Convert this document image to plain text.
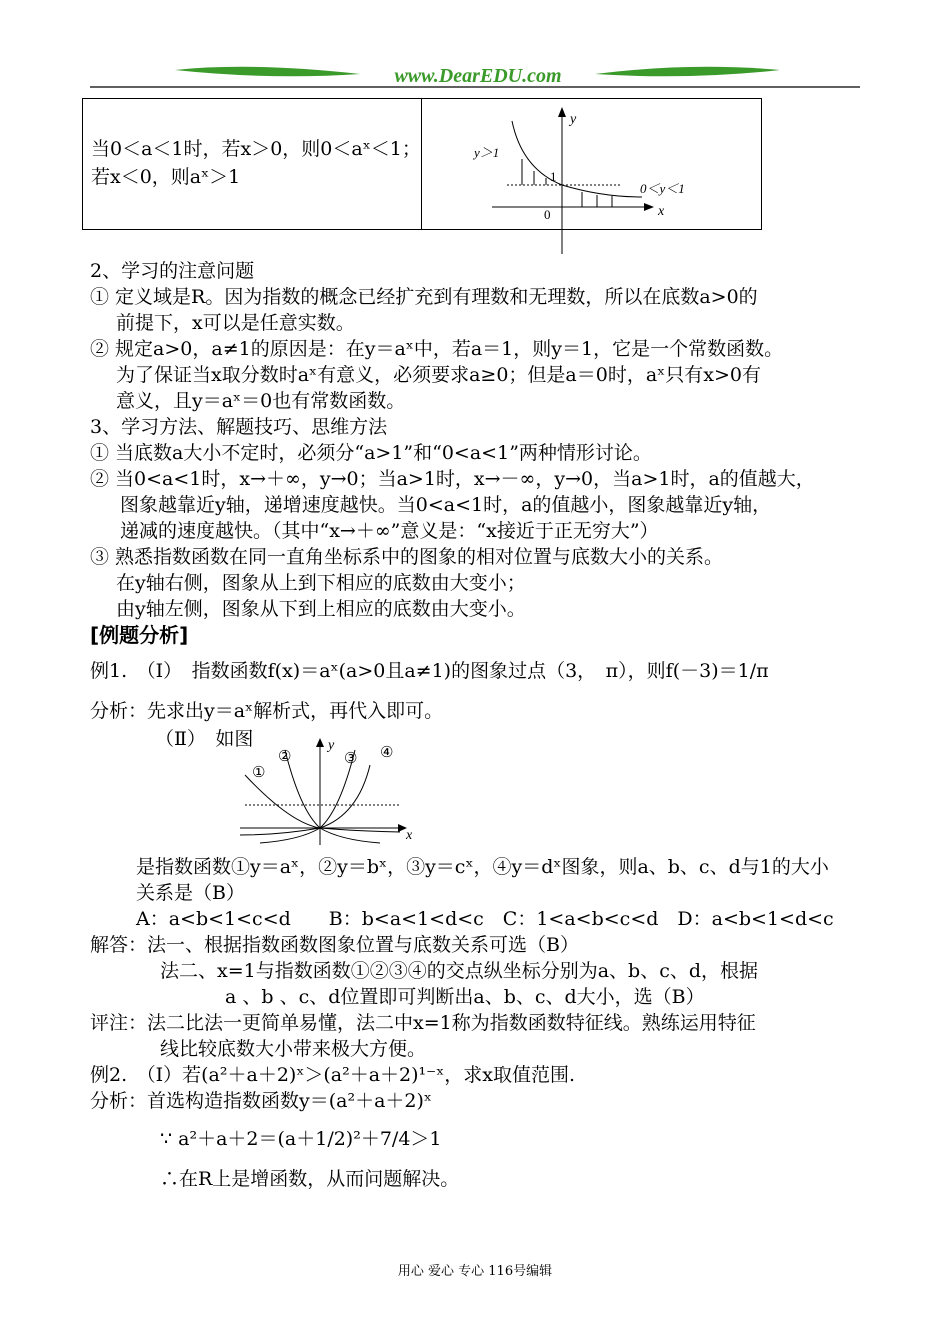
www.DearEDU.com
当0＜a＜1时，若x＞0，则0＜aˣ＜1；
若x＜0，则aˣ＞1
y
x
y＞1
0＜y＜1
1
0
2、学习的注意问题
① 定义域是R。因为指数的概念已经扩充到有理数和无理数，所以在底数a>0的
前提下，x可以是任意实数。
② 规定a>0，a≠1的原因是：在y＝aˣ中，若a＝1，则y＝1，它是一个常数函数。
为了保证当x取分数时aˣ有意义，必须要求a≥0；但是a＝0时，aˣ只有x>0有
意义，且y＝aˣ＝0也有常数函数。
3、学习方法、解题技巧、思维方法
① 当底数a大小不定时，必须分“a>1”和“0<a<1”两种情形讨论。
② 当0<a<1时，x→＋∞，y→0；当a>1时，x→－∞，y→0，当a>1时，a的值越大，
图象越靠近y轴，递增速度越快。当0<a<1时，a的值越小，图象越靠近y轴，
递减的速度越快。（其中“x→＋∞”意义是：“x接近于正无穷大”）
③ 熟悉指数函数在同一直角坐标系中的图象的相对位置与底数大小的关系。
在y轴右侧，图象从上到下相应的底数由大变小；
由y轴左侧，图象从下到上相应的底数由大变小。
[例题分析]
例1.　（Ⅰ）　指数函数f(x)＝aˣ(a>0且a≠1)的图象过点（3，　π），则f(－3)＝1/π
分析：先求出y＝aˣ解析式，再代入即可。
（Ⅱ）　如图	y
x
①
②	③ ④
是指数函数①y＝aˣ，②y＝bˣ，③y＝cˣ，④y＝dˣ图象，则a、b、c、d与1的大小
关系是（B）
A：a<b<1<c<d　　B：b<a<1<d<c　C：1<a<b<c<d　D：a<b<1<d<c
解答：法一、根据指数函数图象位置与底数关系可选（B）
法二、x=1与指数函数①②③④的交点纵坐标分别为a、b、c、d，根据
a 、b 、c、d位置即可判断出a、b、c、d大小，选（B）
评注：法二比法一更简单易懂，法二中x=1称为指数函数特征线。熟练运用特征
线比较底数大小带来极大方便。
例2.　（Ⅰ）若(a²＋a＋2)ˣ＞(a²＋a＋2)¹⁻ˣ，求x取值范围.
分析：首选构造指数函数y＝(a²＋a＋2)ˣ
∵ a²＋a＋2＝(a＋1/2)²＋7/4＞1
∴在R上是增函数，从而问题解决。
用心 爱心 专心 116号编辑
